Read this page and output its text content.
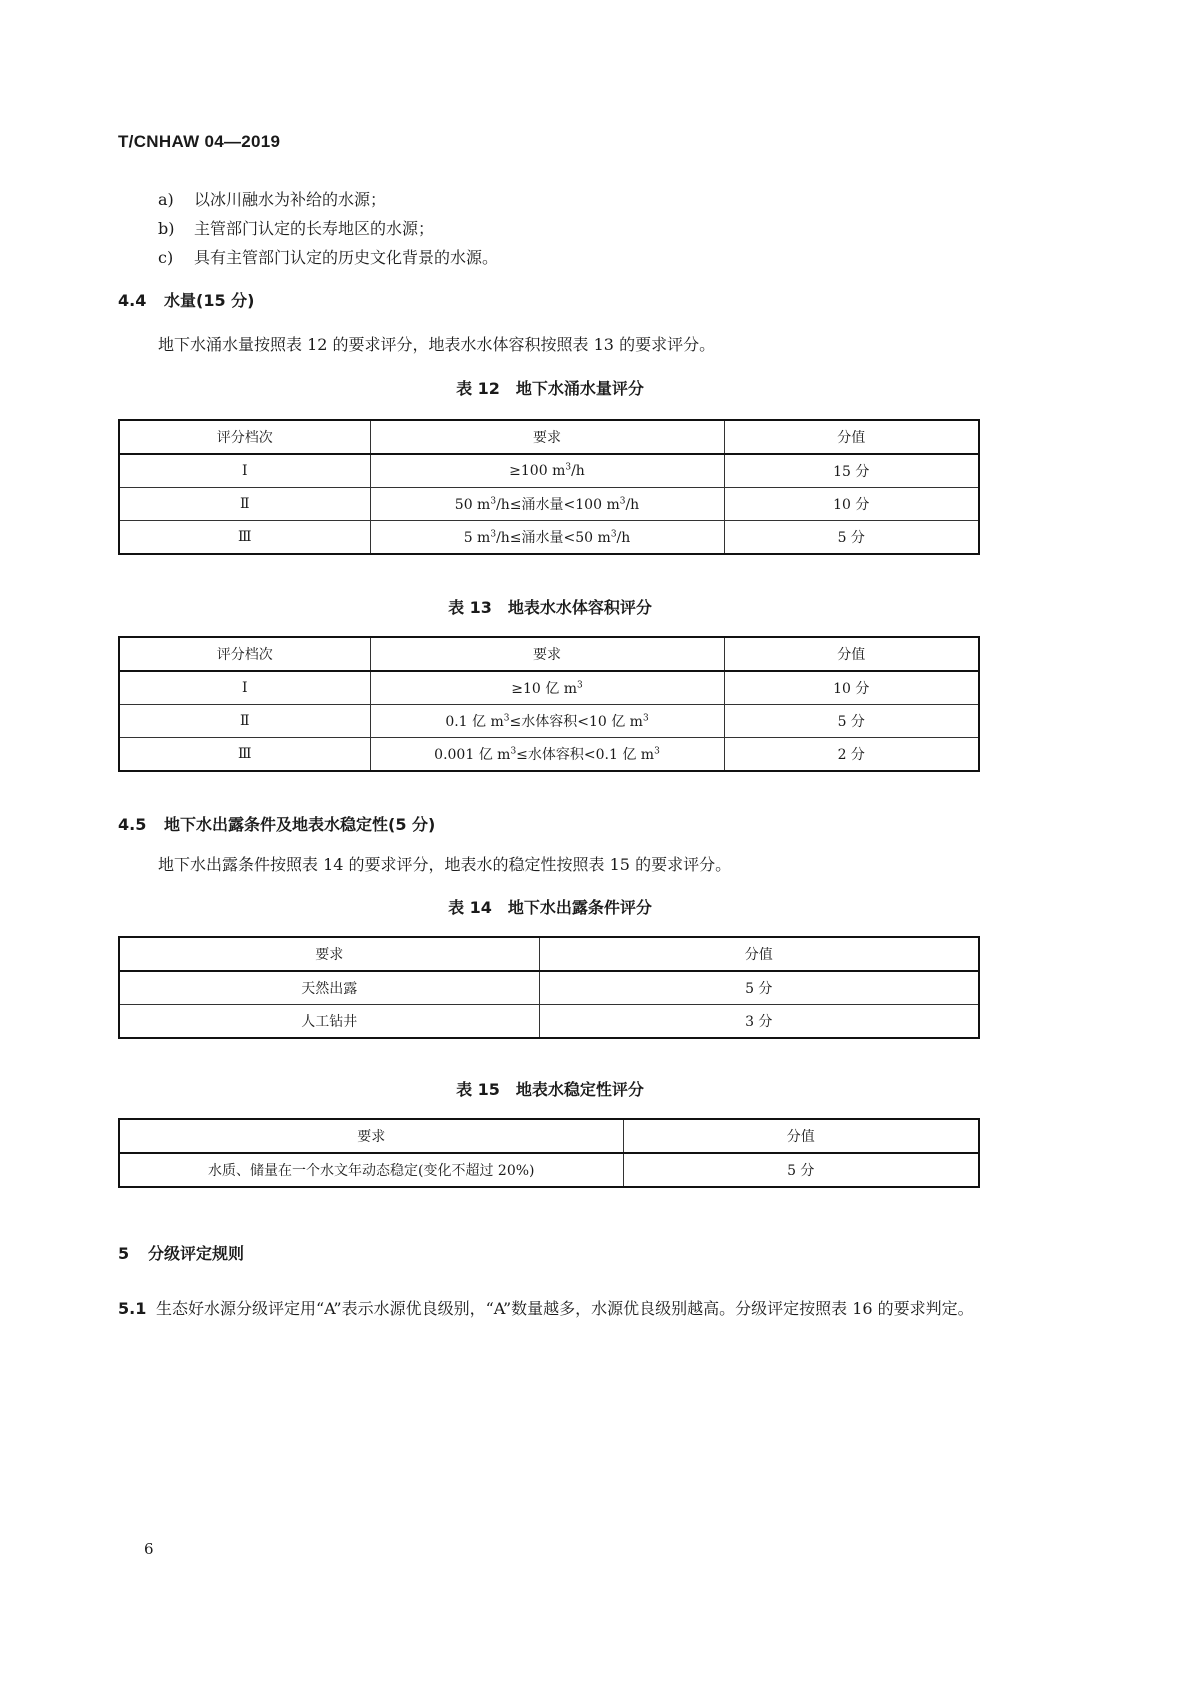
T/CNHAW 04—2019
a) 以冰川融水为补给的水源；
b) 主管部门认定的长寿地区的水源；
c) 具有主管部门认定的历史文化背景的水源。
4.4 水量(15 分)
地下水涌水量按照表 12 的要求评分，地表水水体容积按照表 13 的要求评分。
表 12　地下水涌水量评分
评分档次	要求	分值
Ⅰ	≥100 $m^3/h$	15 分
Ⅱ	50 $m^3/h\le$涌水量<100 $m^3/h$	10 分
Ⅲ	5 $m^3/h\le$涌水量<50 $m^3/h$	5 分
表 13　地表水水体容积评分
评分档次	要求	分值
Ⅰ	≥10 亿 $m^3$	10 分
Ⅱ	0.1 亿 $m^3\le$水体容积<10 亿 $m^3$	5 分
Ⅲ	0.001 亿 $m^3\le$水体容积<0.1 亿 $m^3$	2 分
4.5 地下水出露条件及地表水稳定性(5 分)
地下水出露条件按照表 14 的要求评分，地表水的稳定性按照表 15 的要求评分。
表 14　地下水出露条件评分
要求	分值
天然出露	5 分
人工钻井	3 分
表 15　地表水稳定性评分
要求	分值
水质、储量在一个水文年动态稳定(变化不超过 20%)	5 分
5 分级评定规则
5.1 生态好水源分级评定用“A”表示水源优良级别，“A”数量越多，水源优良级别越高。分级评定按照表 16 的要求判定。
6
